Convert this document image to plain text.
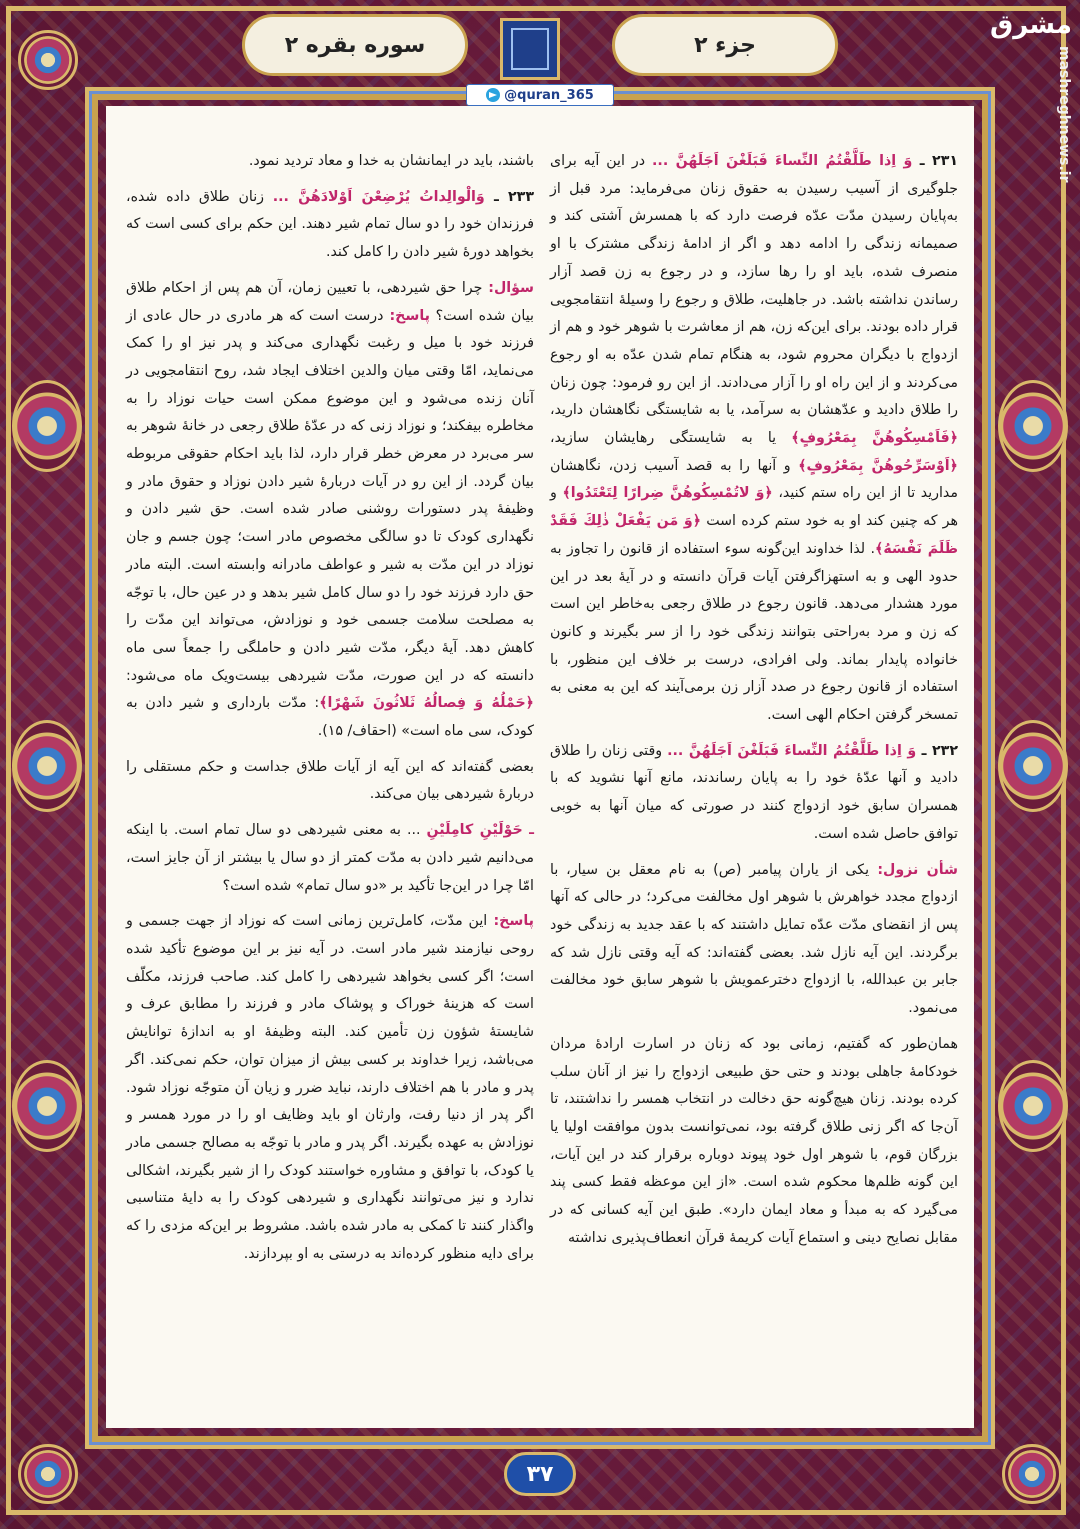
سوره بقره ۲	جزء ۲
@quran_365
مشرق
mashreghnews.ir

۲۳۱ ـ وَ اِذا طَلَّقْتُمُ النِّساءَ فَبَلَغْنَ اَجَلَهُنَّ ... در این آیه برای جلوگیری از آسیب رسیدن به حقوق زنان می‌فرماید: مرد قبل از به‌پایان رسیدن مدّت عدّه فرصت دارد که با همسرش آشتی کند و صمیمانه زندگی را ادامه دهد و اگر از ادامهٔ زندگی مشترک با او منصرف شده، باید او را رها سازد، و در رجوع به زن قصد آزار رساندن نداشته باشد. در جاهلیت، طلاق و رجوع را وسیلهٔ انتقامجویی قرار داده بودند. برای این‌که زن، هم از معاشرت با شوهر خود و هم از ازدواج با دیگران محروم شود، به هنگام تمام شدن عدّه به او رجوع می‌کردند و از این راه او را آزار می‌دادند. از این رو فرمود: چون زنان را طلاق دادید و عدّهشان به سرآمد، یا به شایستگی نگاهشان دارید، ﴿فَاَمْسِكُوهُنَّ بِمَعْرُوفٍ﴾ یا به شایستگی رهایشان سازید، ﴿اَوْسَرِّحُوهُنَّ بِمَعْرُوفٍ﴾ و آنها را به قصد آسیب زدن، نگاهشان مدارید تا از این راه ستم کنید، ﴿وَ لاتُمْسِكُوهُنَّ ضِرارًا لِتَعْتَدُوا﴾ و هر که چنین کند او به خود ستم کرده است ﴿وَ مَن يَفْعَلْ ذٰلِكَ فَقَدْ ظَلَمَ نَفْسَهُ﴾. لذا خداوند این‌گونه سوء استفاده از قانون را تجاوز به حدود الهی و به استهزاگرفتن آیات قرآن دانسته و در آیهٔ بعد در این مورد هشدار می‌دهد. قانون رجوع در طلاق رجعی به‌خاطر این است که زن و مرد به‌راحتی بتوانند زندگی خود را از سر بگیرند و کانون خانواده پایدار بماند. ولی افرادی، درست بر خلاف این منظور، با استفاده از قانون رجوع در صدد آزار زن برمی‌آیند که این به معنی به تمسخر گرفتن احکام الهی است.

۲۳۲ ـ وَ اِذا طَلَّقْتُمُ النِّساءَ فَبَلَغْنَ اَجَلَهُنَّ ... وقتی زنان را طلاق دادید و آنها عدّهٔ خود را به پایان رساندند، مانع آنها نشوید که با همسران سابق خود ازدواج کنند در صورتی که میان آنها به خوبی توافق حاصل شده است.

شأن نزول: یکی از یاران پیامبر (ص) به نام معقل بن سیار، با ازدواج مجدد خواهرش با شوهر اول مخالفت می‌کرد؛ در حالی که آنها پس از انقضای مدّت عدّه تمایل داشتند که با عقد جدید به زندگی خود برگردند. این آیه نازل شد. بعضی گفته‌اند: که آیه وقتی نازل شد که جابر بن عبدالله، با ازدواج دخترعمویش با شوهر سابق خود مخالفت می‌نمود.

همان‌طور که گفتیم، زمانی بود که زنان در اسارت ارادهٔ مردان خودکامهٔ جاهلی بودند و حتی حق طبیعی ازدواج را نیز از آنان سلب کرده بودند. زنان هیچ‌گونه حق دخالت در انتخاب همسر را نداشتند، تا آن‌جا که اگر زنی طلاق گرفته بود، نمی‌توانست بدون موافقت اولیا یا بزرگان قوم، با شوهر اول خود پیوند دوباره برقرار کند در این آیات، این گونه ظلم‌ها محکوم شده است. «از این موعظه فقط کسی پند می‌گیرد که به مبدأ و معاد ایمان دارد». طبق این آیه کسانی که در مقابل نصایح دینی و استماع آیات کریمهٔ قرآن انعطاف‌پذیری نداشته

باشند، باید در ایمانشان به خدا و معاد تردید نمود.

۲۳۳ ـ وَالْوالِداتُ يُرْضِعْنَ اَوْلادَهُنَّ ... زنان طلاق داده شده، فرزندان خود را دو سال تمام شیر دهند. این حکم برای کسی است که بخواهد دورهٔ شیر دادن را کامل کند.

سؤال: چرا حق شیردهی، با تعیین زمان، آن هم پس از احکام طلاق بیان شده است؟ پاسخ: درست است که هر مادری در حال عادی از فرزند خود با میل و رغبت نگهداری می‌کند و پدر نیز او را کمک می‌نماید، امّا وقتی میان والدین اختلاف ایجاد شد، روح انتقامجویی در آنان زنده می‌شود و این موضوع ممکن است حیات نوزاد را به مخاطره بیفکند؛ و نوزاد زنی که در عدّهٔ طلاق رجعی در خانهٔ شوهر به سر می‌برد در معرض خطر قرار دارد، لذا باید احکام حقوقی مربوطه بیان گردد. از این رو در آیات دربارهٔ شیر دادن نوزاد و حقوق مادر و وظیفهٔ پدر دستورات روشنی صادر شده است. حق شیر دادن و نگهداری کودک تا دو سالگی مخصوص مادر است؛ چون جسم و جان نوزاد در این مدّت به شیر و عواطف مادرانه وابسته است. البته مادر حق دارد فرزند خود را دو سال کامل شیر بدهد و در عین حال، با توجّه به مصلحت سلامت جسمی خود و نوزادش، می‌تواند این مدّت را کاهش دهد. آیهٔ دیگر، مدّت شیر دادن و حاملگی را جمعاً سی ماه دانسته که در این صورت، مدّت شیردهی بیست‌ویک ماه می‌شود: ﴿حَمْلُهُ وَ فِصالُهُ ثَلاثُونَ شَهْرًا﴾: مدّت بارداری و شیر دادن به کودک، سی ماه است» (احقاف/ ۱۵).

بعضی گفته‌اند که این آیه از آیات طلاق جداست و حکم مستقلی را دربارهٔ شیردهی بیان می‌کند.

ـ حَوْلَيْنِ كامِلَيْنِ ... به معنی شیردهی دو سال تمام است. با اینکه می‌دانیم شیر دادن به مدّت کمتر از دو سال یا بیشتر از آن جایز است، امّا چرا در این‌جا تأکید بر «دو سال تمام» شده است؟

پاسخ: این مدّت، کامل‌ترین زمانی است که نوزاد از جهت جسمی و روحی نیازمند شیر مادر است. در آیه نیز بر این موضوع تأکید شده است؛ اگر کسی بخواهد شیردهی را کامل کند. صاحب فرزند، مکلّف است که هزینهٔ خوراک و پوشاک مادر و فرزند را مطابق عرف و شایستهٔ شؤون زن تأمین کند. البته وظیفهٔ او به اندازهٔ توانایش می‌باشد، زیرا خداوند بر کسی بیش از میزان توان، حکم نمی‌کند. اگر پدر و مادر با هم اختلاف دارند، نباید ضرر و زیان آن متوجّه نوزاد شود. اگر پدر از دنیا رفت، وارثان او باید وظایف او را در مورد همسر و نوزادش به عهده بگیرند. اگر پدر و مادر با توجّه به مصالح جسمی مادر یا کودک، با توافق و مشاوره خواستند کودک را از شیر بگیرند، اشکالی ندارد و نیز می‌توانند نگهداری و شیردهی کودک را به دایهٔ متناسبی واگذار کنند تا کمکی به مادر شده باشد. مشروط بر این‌که مزدی را که برای دایه منظور کرده‌اند به درستی به او بپردازند.

۳۷
